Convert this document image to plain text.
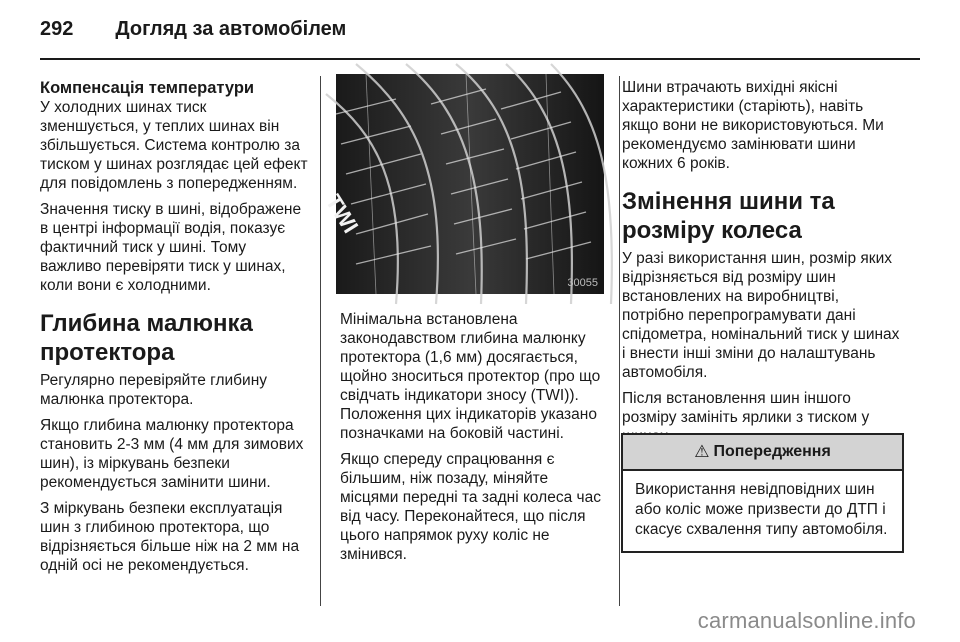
292 Догляд за автомобілем
Компенсація температури

У холодних шинах тиск зменшується, у теплих шинах він збільшується. Система контролю за тиском у шинах розглядає цей ефект для повідомлень з попередженням.

Значення тиску в шині, відображене в центрі інформації водія, показує фактичний тиск у шині. Тому важливо перевіряти тиск у шинах, коли вони є холодними.

Глибина малюнка протектора

Регулярно перевіряйте глибину малюнка протектора.

Якщо глибина малюнку протектора становить 2-3 мм (4 мм для зимових шин), із міркувань безпеки рекомендується замінити шини.

З міркувань безпеки експлуатація шин з глибиною протектора, що відрізняється більше ніж на 2 мм на одній осі не рекомендується.

TWI
30055

Мінімальна встановлена законодавством глибина малюнку протектора (1,6 мм) досягається, щойно зноситься протектор (про що свідчать індикатори зносу (TWI)). Положення цих індикаторів указано позначками на боковій частині.

Якщо спереду спрацювання є більшим, ніж позаду, міняйте місцями передні та задні колеса час від часу. Переконайтеся, що після цього напрямок руху коліс не змінився.

Шини втрачають вихідні якісні характеристики (старіють), навіть якщо вони не використовуються. Ми рекомендуємо замінювати шини кожних 6 років.

Змінення шини та розміру колеса

У разі використання шин, розмір яких відрізняється від розміру шин встановлених на виробництві, потрібно перепрограмувати дані спідометра, номінальний тиск у шинах і внести інші зміни до налаштувань автомобіля.

Після встановлення шин іншого розміру замініть ярлики з тиском у

⚠ Попередження
Використання невідповідних шин або коліс може призвести до ДТП і скасує схвалення типу автомобіля.
carmanualsonline.info
